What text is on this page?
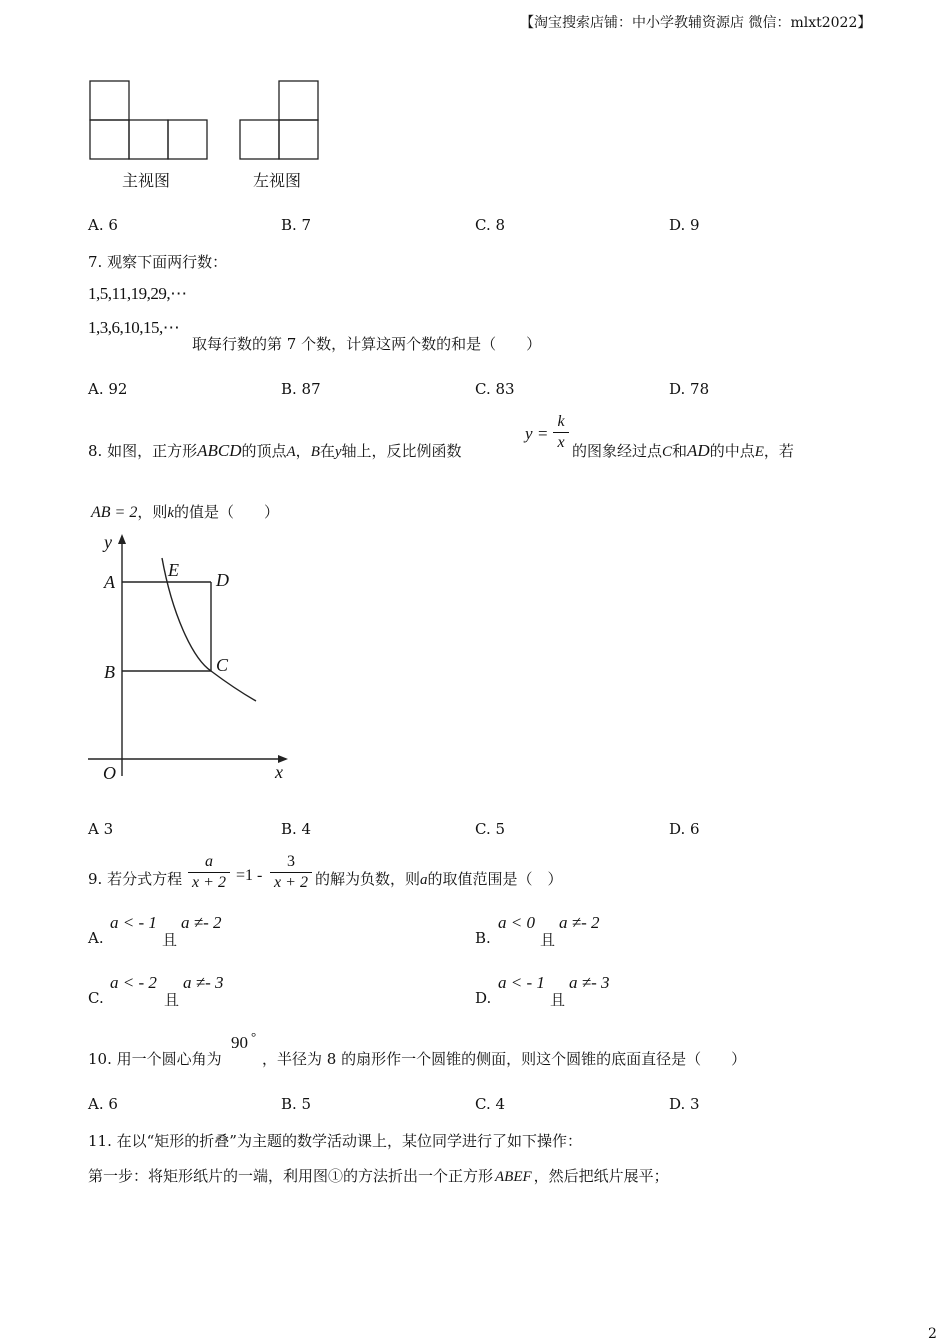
【淘宝搜索店铺：中小学教辅资源店 微信：mlxt2022】
主视图	左视图
A. 6	B. 7	C. 8	D. 9
7. 观察下面两行数：
1,5,11,19,29,⋯
1,3,6,10,15,⋯
取每行数的第 7 个数，计算这两个数的和是（　　）
A. 92	B. 87	C. 83	D. 78
8. 如图，正方形ABCD的顶点A，B在y轴上，反比例函数
y =
k
x 的图象经过点C和AD的中点E，若
AB = 2，则k的值是（　　）
y
x
O
A
B	C
D
E
A 3	B. 4	C. 5	D. 6
9. 若分式方程
a
x + 2 =1 -
3
x + 2 的解为负数，则a的取值范围是（　）
A.
a < - 1
且
a ≠- 2
B.
a < 0
且
a ≠- 2
C.
a < - 2
且
a ≠- 3
D.
a < - 1
且
a ≠- 3
10. 用一个圆心角为
90 °
，半径为 8 的扇形作一个圆锥的侧面，则这个圆锥的底面直径是（　　）
A. 6	B. 5	C. 4	D. 3
11. 在以“矩形的折叠”为主题的数学活动课上，某位同学进行了如下操作：
第一步：将矩形纸片的一端，利用图①的方法折出一个正方形 ABEF ，然后把纸片展平；
2
